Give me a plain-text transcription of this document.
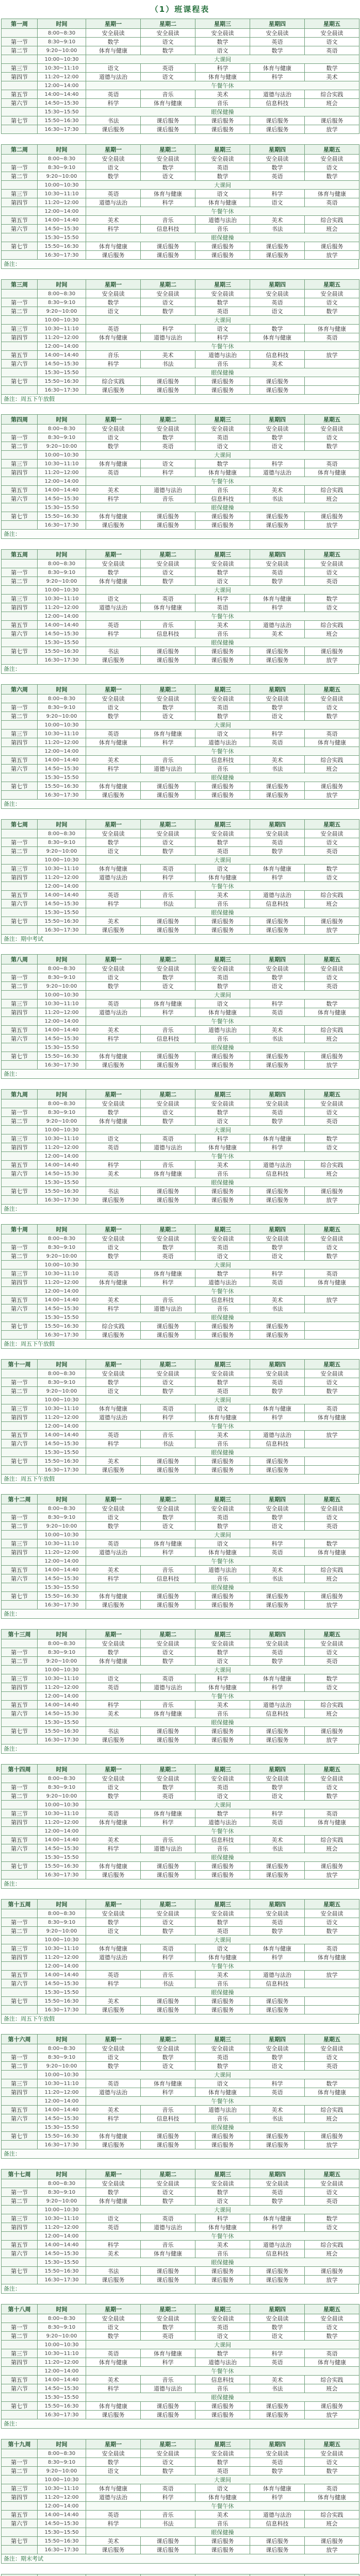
（1）班课程表
第一周	时间	星期一	星期二	星期三	星期四	星期五
	8:00~8:30	安全晨读	安全晨读	安全晨读	安全晨读	安全晨读
第一节	8:30~9:10	数学	语文	数学	英语	语文
第二节	9:20~10:00	体育与健康	数学	语文	数学	英语
	10:00~10:30	大课间				
第三节	10:30~11:10	语文	英语	科学	体育与健康	数学
第四节	11:20~12:00	道德与法治	语文	体育与健康	科学	美术
	12:00~14:00	午餐午休				
第五节	14:00~14:40	英语	音乐	美术	道德与法治	综合实践
第六节	14:50~15:30	科学	体育与健康	音乐	信息科技	班会
	15:30~15:50	眼保健操				
第七节	15:50~16:30	书法	课后服务	课后服务	课后服务	课后服务
	16:30~17:30	课后服务	课后服务	课后服务	课后服务	放学
第二周	时间	星期一	星期二	星期三	星期四	星期五
	8:00~8:30	安全晨读	安全晨读	安全晨读	安全晨读	安全晨读
第一节	8:30~9:10	语文	数学	英语	数学	语文
第二节	9:20~10:00	数学	语文	数学	英语	数学
	10:00~10:30	大课间				
第三节	10:30~11:10	英语	体育与健康	语文	科学	体育与健康
第四节	11:20~12:00	道德与法治	科学	体育与健康	语文	英语
	12:00~14:00	午餐午休				
第五节	14:00~14:40	美术	音乐	道德与法治	美术	综合实践
第六节	14:50~15:30	科学	信息科技	音乐	书法	班会
	15:30~15:50	眼保健操				
第七节	15:50~16:30	体育与健康	课后服务	课后服务	课后服务	课后服务
	16:30~17:30	课后服务	课后服务	课后服务	课后服务	放学
备注：
第三周	时间	星期一	星期二	星期三	星期四	星期五
	8:00~8:30	安全晨读	安全晨读	安全晨读	安全晨读	安全晨读
第一节	8:30~9:10	数学	语文	数学	英语	语文
第二节	9:20~10:00	语文	数学	英语	语文	数学
	10:00~10:30	大课间				
第三节	10:30~11:10	英语	科学	语文	数学	体育与健康
第四节	11:20~12:00	体育与健康	道德与法治	科学	体育与健康	英语
	12:00~14:00	午餐午休				
第五节	14:00~14:40	音乐	美术	道德与法治	信息科技	放学
第六节	14:50~15:30	科学	书法	音乐	美术	
	15:30~15:50	眼保健操				
第七节	15:50~16:30	综合实践	课后服务	课后服务	课后服务	
	16:30~17:30	课后服务	课后服务	课后服务	课后服务	
备注：周五下午放假
第四周	时间	星期一	星期二	星期三	星期四	星期五
	8:00~8:30	安全晨读	安全晨读	安全晨读	安全晨读	安全晨读
第一节	8:30~9:10	语文	数学	英语	数学	语文
第二节	9:20~10:00	数学	英语	语文	语文	数学
	10:00~10:30	大课间				
第三节	10:30~11:10	体育与健康	语文	数学	科学	英语
第四节	11:20~12:00	英语	科学	体育与健康	道德与法治	体育与健康
	12:00~14:00	午餐午休				
第五节	14:00~14:40	美术	道德与法治	音乐	美术	综合实践
第六节	14:50~15:30	科学	音乐	信息科技	书法	班会
	15:30~15:50	眼保健操				
第七节	15:50~16:30	体育与健康	课后服务	课后服务	课后服务	课后服务
	16:30~17:30	课后服务	课后服务	课后服务	课后服务	放学
备注：
第五周	时间	星期一	星期二	星期三	星期四	星期五
	8:00~8:30	安全晨读	安全晨读	安全晨读	安全晨读	安全晨读
第一节	8:30~9:10	数学	语文	数学	英语	语文
第二节	9:20~10:00	体育与健康	数学	语文	数学	英语
	10:00~10:30	大课间				
第三节	10:30~11:10	语文	英语	科学	体育与健康	数学
第四节	11:20~12:00	道德与法治	体育与健康	英语	科学	语文
	12:00~14:00	午餐午休				
第五节	14:00~14:40	英语	音乐	美术	道德与法治	综合实践
第六节	14:50~15:30	科学	信息科技	音乐	美术	班会
	15:30~15:50	眼保健操				
第七节	15:50~16:30	书法	课后服务	课后服务	课后服务	课后服务
	16:30~17:30	课后服务	课后服务	课后服务	课后服务	放学
备注：
第六周	时间	星期一	星期二	星期三	星期四	星期五
	8:00~8:30	安全晨读	安全晨读	安全晨读	安全晨读	安全晨读
第一节	8:30~9:10	语文	数学	英语	数学	语文
第二节	9:20~10:00	数学	语文	数学	语文	数学
	10:00~10:30	大课间				
第三节	10:30~11:10	英语	体育与健康	语文	科学	英语
第四节	11:20~12:00	体育与健康	科学	道德与法治	英语	体育与健康
	12:00~14:00	午餐午休				
第五节	14:00~14:40	美术	音乐	信息科技	美术	综合实践
第六节	14:50~15:30	科学	道德与法治	音乐	书法	班会
	15:30~15:50	眼保健操				
第七节	15:50~16:30	体育与健康	课后服务	课后服务	课后服务	课后服务
	16:30~17:30	课后服务	课后服务	课后服务	课后服务	放学
备注：
第七周	时间	星期一	星期二	星期三	星期四	星期五
	8:00~8:30	安全晨读	安全晨读	安全晨读	安全晨读	安全晨读
第一节	8:30~9:10	数学	语文	数学	英语	语文
第二节	9:20~10:00	语文	数学	英语	数学	英语
	10:00~10:30	大课间				
第三节	10:30~11:10	体育与健康	英语	语文	体育与健康	数学
第四节	11:20~12:00	道德与法治	科学	体育与健康	科学	语文
	12:00~14:00	午餐午休				
第五节	14:00~14:40	英语	音乐	美术	道德与法治	综合实践
第六节	14:50~15:30	科学	书法	音乐	信息科技	班会
	15:30~15:50	眼保健操				
第七节	15:50~16:30	美术	课后服务	课后服务	课后服务	课后服务
	16:30~17:30	课后服务	课后服务	课后服务	课后服务	放学
备注：期中考试
第八周	时间	星期一	星期二	星期三	星期四	星期五
	8:00~8:30	安全晨读	安全晨读	安全晨读	安全晨读	安全晨读
第一节	8:30~9:10	语文	数学	英语	数学	语文
第二节	9:20~10:00	数学	语文	数学	语文	英语
	10:00~10:30	大课间				
第三节	10:30~11:10	英语	体育与健康	语文	科学	数学
第四节	11:20~12:00	道德与法治	科学	体育与健康	英语	体育与健康
	12:00~14:00	午餐午休				
第五节	14:00~14:40	美术	音乐	道德与法治	美术	综合实践
第六节	14:50~15:30	科学	信息科技	音乐	书法	班会
	15:30~15:50	眼保健操				
第七节	15:50~16:30	体育与健康	课后服务	课后服务	课后服务	课后服务
	16:30~17:30	课后服务	课后服务	课后服务	课后服务	放学
备注：
第九周	时间	星期一	星期二	星期三	星期四	星期五
	8:00~8:30	安全晨读	安全晨读	安全晨读	安全晨读	安全晨读
第一节	8:30~9:10	数学	语文	数学	英语	语文
第二节	9:20~10:00	体育与健康	数学	语文	数学	英语
	10:00~10:30	大课间				
第三节	10:30~11:10	语文	英语	科学	体育与健康	数学
第四节	11:20~12:00	英语	道德与法治	体育与健康	科学	语文
	12:00~14:00	午餐午休				
第五节	14:00~14:40	科学	音乐	美术	道德与法治	综合实践
第六节	14:50~15:30	美术	体育与健康	音乐	信息科技	班会
	15:30~15:50	眼保健操				
第七节	15:50~16:30	书法	课后服务	课后服务	课后服务	课后服务
	16:30~17:30	课后服务	课后服务	课后服务	课后服务	放学
备注：
第十周	时间	星期一	星期二	星期三	星期四	星期五
	8:00~8:30	安全晨读	安全晨读	安全晨读	安全晨读	安全晨读
第一节	8:30~9:10	语文	数学	英语	数学	语文
第二节	9:20~10:00	数学	英语	语文	语文	数学
	10:00~10:30	大课间				
第三节	10:30~11:10	英语	体育与健康	数学	科学	英语
第四节	11:20~12:00	体育与健康	科学	道德与法治	英语	体育与健康
	12:00~14:00	午餐午休				
第五节	14:00~14:40	美术	音乐	信息科技	美术	放学
第六节	14:50~15:30	科学	道德与法治	音乐	书法	
	15:30~15:50	眼保健操				
第七节	15:50~16:30	综合实践	课后服务	课后服务	课后服务	
	16:30~17:30	课后服务	课后服务	课后服务	课后服务	
备注：周五下午放假
第十一周	时间	星期一	星期二	星期三	星期四	星期五
	8:00~8:30	安全晨读	安全晨读	安全晨读	安全晨读	安全晨读
第一节	8:30~9:10	数学	语文	数学	英语	语文
第二节	9:20~10:00	语文	数学	英语	数学	数学
	10:00~10:30	大课间				
第三节	10:30~11:10	体育与健康	英语	语文	体育与健康	英语
第四节	11:20~12:00	道德与法治	科学	体育与健康	科学	体育与健康
	12:00~14:00	午餐午休				
第五节	14:00~14:40	英语	音乐	美术	道德与法治	放学
第六节	14:50~15:30	科学	书法	音乐	信息科技	
	15:30~15:50	眼保健操				
第七节	15:50~16:30	美术	课后服务	课后服务	课后服务	
	16:30~17:30	课后服务	课后服务	课后服务	课后服务	
备注：周五下午放假
第十二周	时间	星期一	星期二	星期三	星期四	星期五
	8:00~8:30	安全晨读	安全晨读	安全晨读	安全晨读	安全晨读
第一节	8:30~9:10	语文	数学	英语	数学	语文
第二节	9:20~10:00	数学	语文	数学	语文	英语
	10:00~10:30	大课间				
第三节	10:30~11:10	英语	体育与健康	语文	科学	数学
第四节	11:20~12:00	道德与法治	科学	体育与健康	英语	体育与健康
	12:00~14:00	午餐午休				
第五节	14:00~14:40	美术	音乐	道德与法治	美术	综合实践
第六节	14:50~15:30	科学	信息科技	音乐	书法	班会
	15:30~15:50	眼保健操				
第七节	15:50~16:30	体育与健康	课后服务	课后服务	课后服务	课后服务
	16:30~17:30	课后服务	课后服务	课后服务	课后服务	放学
备注：
第十三周	时间	星期一	星期二	星期三	星期四	星期五
	8:00~8:30	安全晨读	安全晨读	安全晨读	安全晨读	安全晨读
第一节	8:30~9:10	数学	语文	数学	英语	语文
第二节	9:20~10:00	体育与健康	数学	语文	数学	英语
	10:00~10:30	大课间				
第三节	10:30~11:10	语文	英语	科学	体育与健康	数学
第四节	11:20~12:00	英语	道德与法治	体育与健康	科学	语文
	12:00~14:00	午餐午休				
第五节	14:00~14:40	科学	音乐	美术	道德与法治	综合实践
第六节	14:50~15:30	美术	体育与健康	音乐	信息科技	班会
	15:30~15:50	眼保健操				
第七节	15:50~16:30	书法	课后服务	课后服务	课后服务	课后服务
	16:30~17:30	课后服务	课后服务	课后服务	课后服务	放学
备注：
第十四周	时间	星期一	星期二	星期三	星期四	星期五
	8:00~8:30	安全晨读	安全晨读	安全晨读	安全晨读	安全晨读
第一节	8:30~9:10	语文	数学	英语	数学	语文
第二节	9:20~10:00	数学	英语	语文	语文	数学
	10:00~10:30	大课间				
第三节	10:30~11:10	英语	体育与健康	数学	科学	英语
第四节	11:20~12:00	体育与健康	科学	道德与法治	英语	体育与健康
	12:00~14:00	午餐午休				
第五节	14:00~14:40	美术	音乐	信息科技	美术	综合实践
第六节	14:50~15:30	科学	道德与法治	音乐	书法	班会
	15:30~15:50	眼保健操				
第七节	15:50~16:30	体育与健康	课后服务	课后服务	课后服务	课后服务
	16:30~17:30	课后服务	课后服务	课后服务	课后服务	放学
备注：
第十五周	时间	星期一	星期二	星期三	星期四	星期五
	8:00~8:30	安全晨读	安全晨读	安全晨读	安全晨读	安全晨读
第一节	8:30~9:10	数学	语文	数学	英语	语文
第二节	9:20~10:00	语文	数学	英语	数学	数学
	10:00~10:30	大课间				
第三节	10:30~11:10	体育与健康	英语	语文	体育与健康	英语
第四节	11:20~12:00	道德与法治	科学	体育与健康	科学	体育与健康
	12:00~14:00	午餐午休				
第五节	14:00~14:40	英语	音乐	美术	道德与法治	放学
第六节	14:50~15:30	科学	书法	音乐	信息科技	
	15:30~15:50	眼保健操				
第七节	15:50~16:30	美术	课后服务	课后服务	课后服务	
	16:30~17:30	课后服务	课后服务	课后服务	课后服务	
备注：周五下午放假
第十六周	时间	星期一	星期二	星期三	星期四	星期五
	8:00~8:30	安全晨读	安全晨读	安全晨读	安全晨读	安全晨读
第一节	8:30~9:10	语文	数学	英语	数学	语文
第二节	9:20~10:00	数学	语文	数学	语文	英语
	10:00~10:30	大课间				
第三节	10:30~11:10	英语	体育与健康	语文	科学	数学
第四节	11:20~12:00	道德与法治	科学	体育与健康	英语	体育与健康
	12:00~14:00	午餐午休				
第五节	14:00~14:40	美术	音乐	道德与法治	美术	综合实践
第六节	14:50~15:30	科学	信息科技	音乐	书法	班会
	15:30~15:50	眼保健操				
第七节	15:50~16:30	体育与健康	课后服务	课后服务	课后服务	课后服务
	16:30~17:30	课后服务	课后服务	课后服务	课后服务	放学
备注：
第十七周	时间	星期一	星期二	星期三	星期四	星期五
	8:00~8:30	安全晨读	安全晨读	安全晨读	安全晨读	安全晨读
第一节	8:30~9:10	数学	语文	数学	英语	语文
第二节	9:20~10:00	体育与健康	数学	语文	数学	英语
	10:00~10:30	大课间				
第三节	10:30~11:10	语文	英语	科学	体育与健康	数学
第四节	11:20~12:00	英语	道德与法治	体育与健康	科学	语文
	12:00~14:00	午餐午休				
第五节	14:00~14:40	科学	音乐	美术	道德与法治	综合实践
第六节	14:50~15:30	美术	体育与健康	音乐	信息科技	班会
	15:30~15:50	眼保健操				
第七节	15:50~16:30	书法	课后服务	课后服务	课后服务	课后服务
	16:30~17:30	课后服务	课后服务	课后服务	课后服务	放学
备注：
第十八周	时间	星期一	星期二	星期三	星期四	星期五
	8:00~8:30	安全晨读	安全晨读	安全晨读	安全晨读	安全晨读
第一节	8:30~9:10	语文	数学	英语	数学	语文
第二节	9:20~10:00	数学	英语	语文	语文	数学
	10:00~10:30	大课间				
第三节	10:30~11:10	英语	体育与健康	数学	科学	英语
第四节	11:20~12:00	体育与健康	科学	道德与法治	英语	体育与健康
	12:00~14:00	午餐午休				
第五节	14:00~14:40	美术	音乐	信息科技	美术	综合实践
第六节	14:50~15:30	科学	道德与法治	音乐	书法	班会
	15:30~15:50	眼保健操				
第七节	15:50~16:30	体育与健康	课后服务	课后服务	课后服务	课后服务
	16:30~17:30	课后服务	课后服务	课后服务	课后服务	放学
备注：
第十九周	时间	星期一	星期二	星期三	星期四	星期五
	8:00~8:30	安全晨读	安全晨读	安全晨读	安全晨读	安全晨读
第一节	8:30~9:10	数学	语文	数学	英语	语文
第二节	9:20~10:00	语文	数学	英语	数学	数学
	10:00~10:30	大课间				
第三节	10:30~11:10	体育与健康	英语	语文	体育与健康	英语
第四节	11:20~12:00	道德与法治	科学	体育与健康	科学	体育与健康
	12:00~14:00	午餐午休				
第五节	14:00~14:40	英语	音乐	美术	道德与法治	综合实践
第六节	14:50~15:30	科学	书法	音乐	信息科技	班会
	15:30~15:50	眼保健操				
第七节	15:50~16:30	美术	课后服务	课后服务	课后服务	课后服务
	16:30~17:30	课后服务	课后服务	课后服务	课后服务	放学
备注：期末考试
